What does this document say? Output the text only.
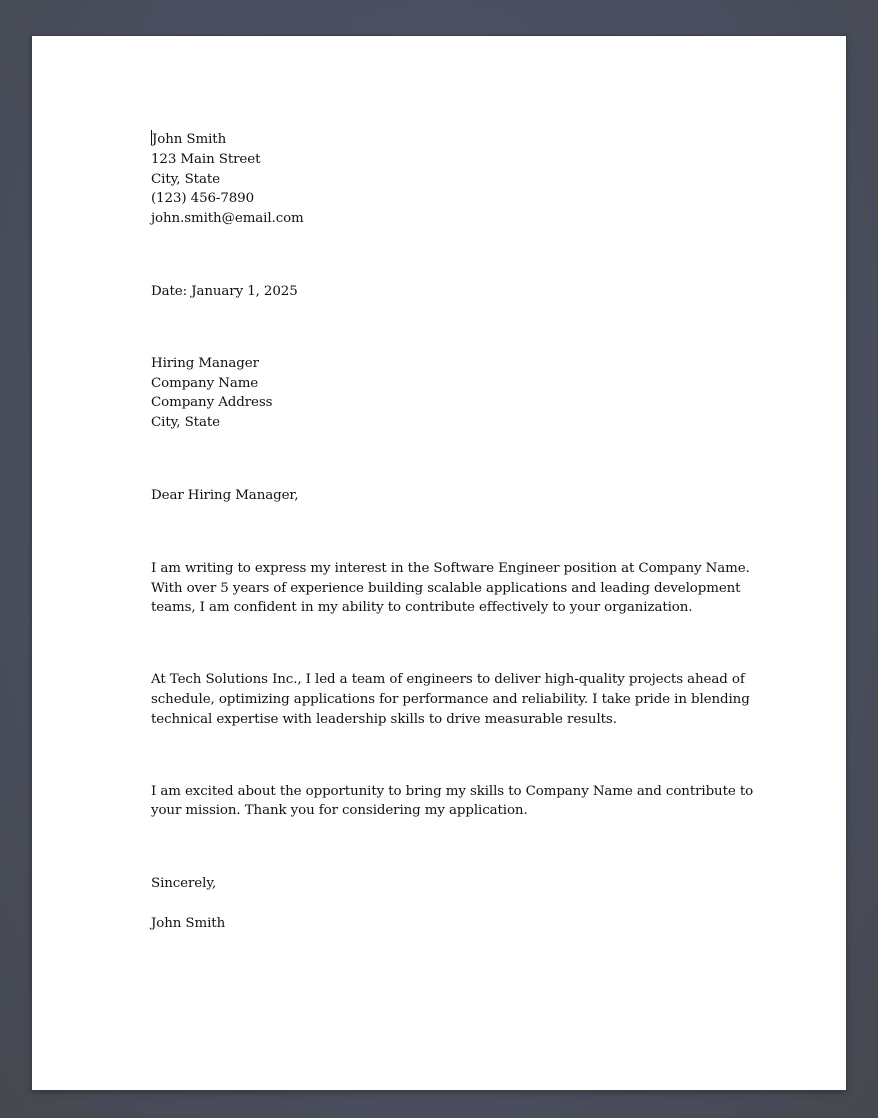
John Smith
123 Main Street
City, State
(123) 456-7890
john.smith@email.com
Date: January 1, 2025
Hiring Manager
Company Name
Company Address
City, State
Dear Hiring Manager,
I am writing to express my interest in the Software Engineer position at Company Name.
With over 5 years of experience building scalable applications and leading development
teams, I am confident in my ability to contribute effectively to your organization.
At Tech Solutions Inc., I led a team of engineers to deliver high-quality projects ahead of
schedule, optimizing applications for performance and reliability. I take pride in blending
technical expertise with leadership skills to drive measurable results.
I am excited about the opportunity to bring my skills to Company Name and contribute to
your mission. Thank you for considering my application.
Sincerely,
John Smith
